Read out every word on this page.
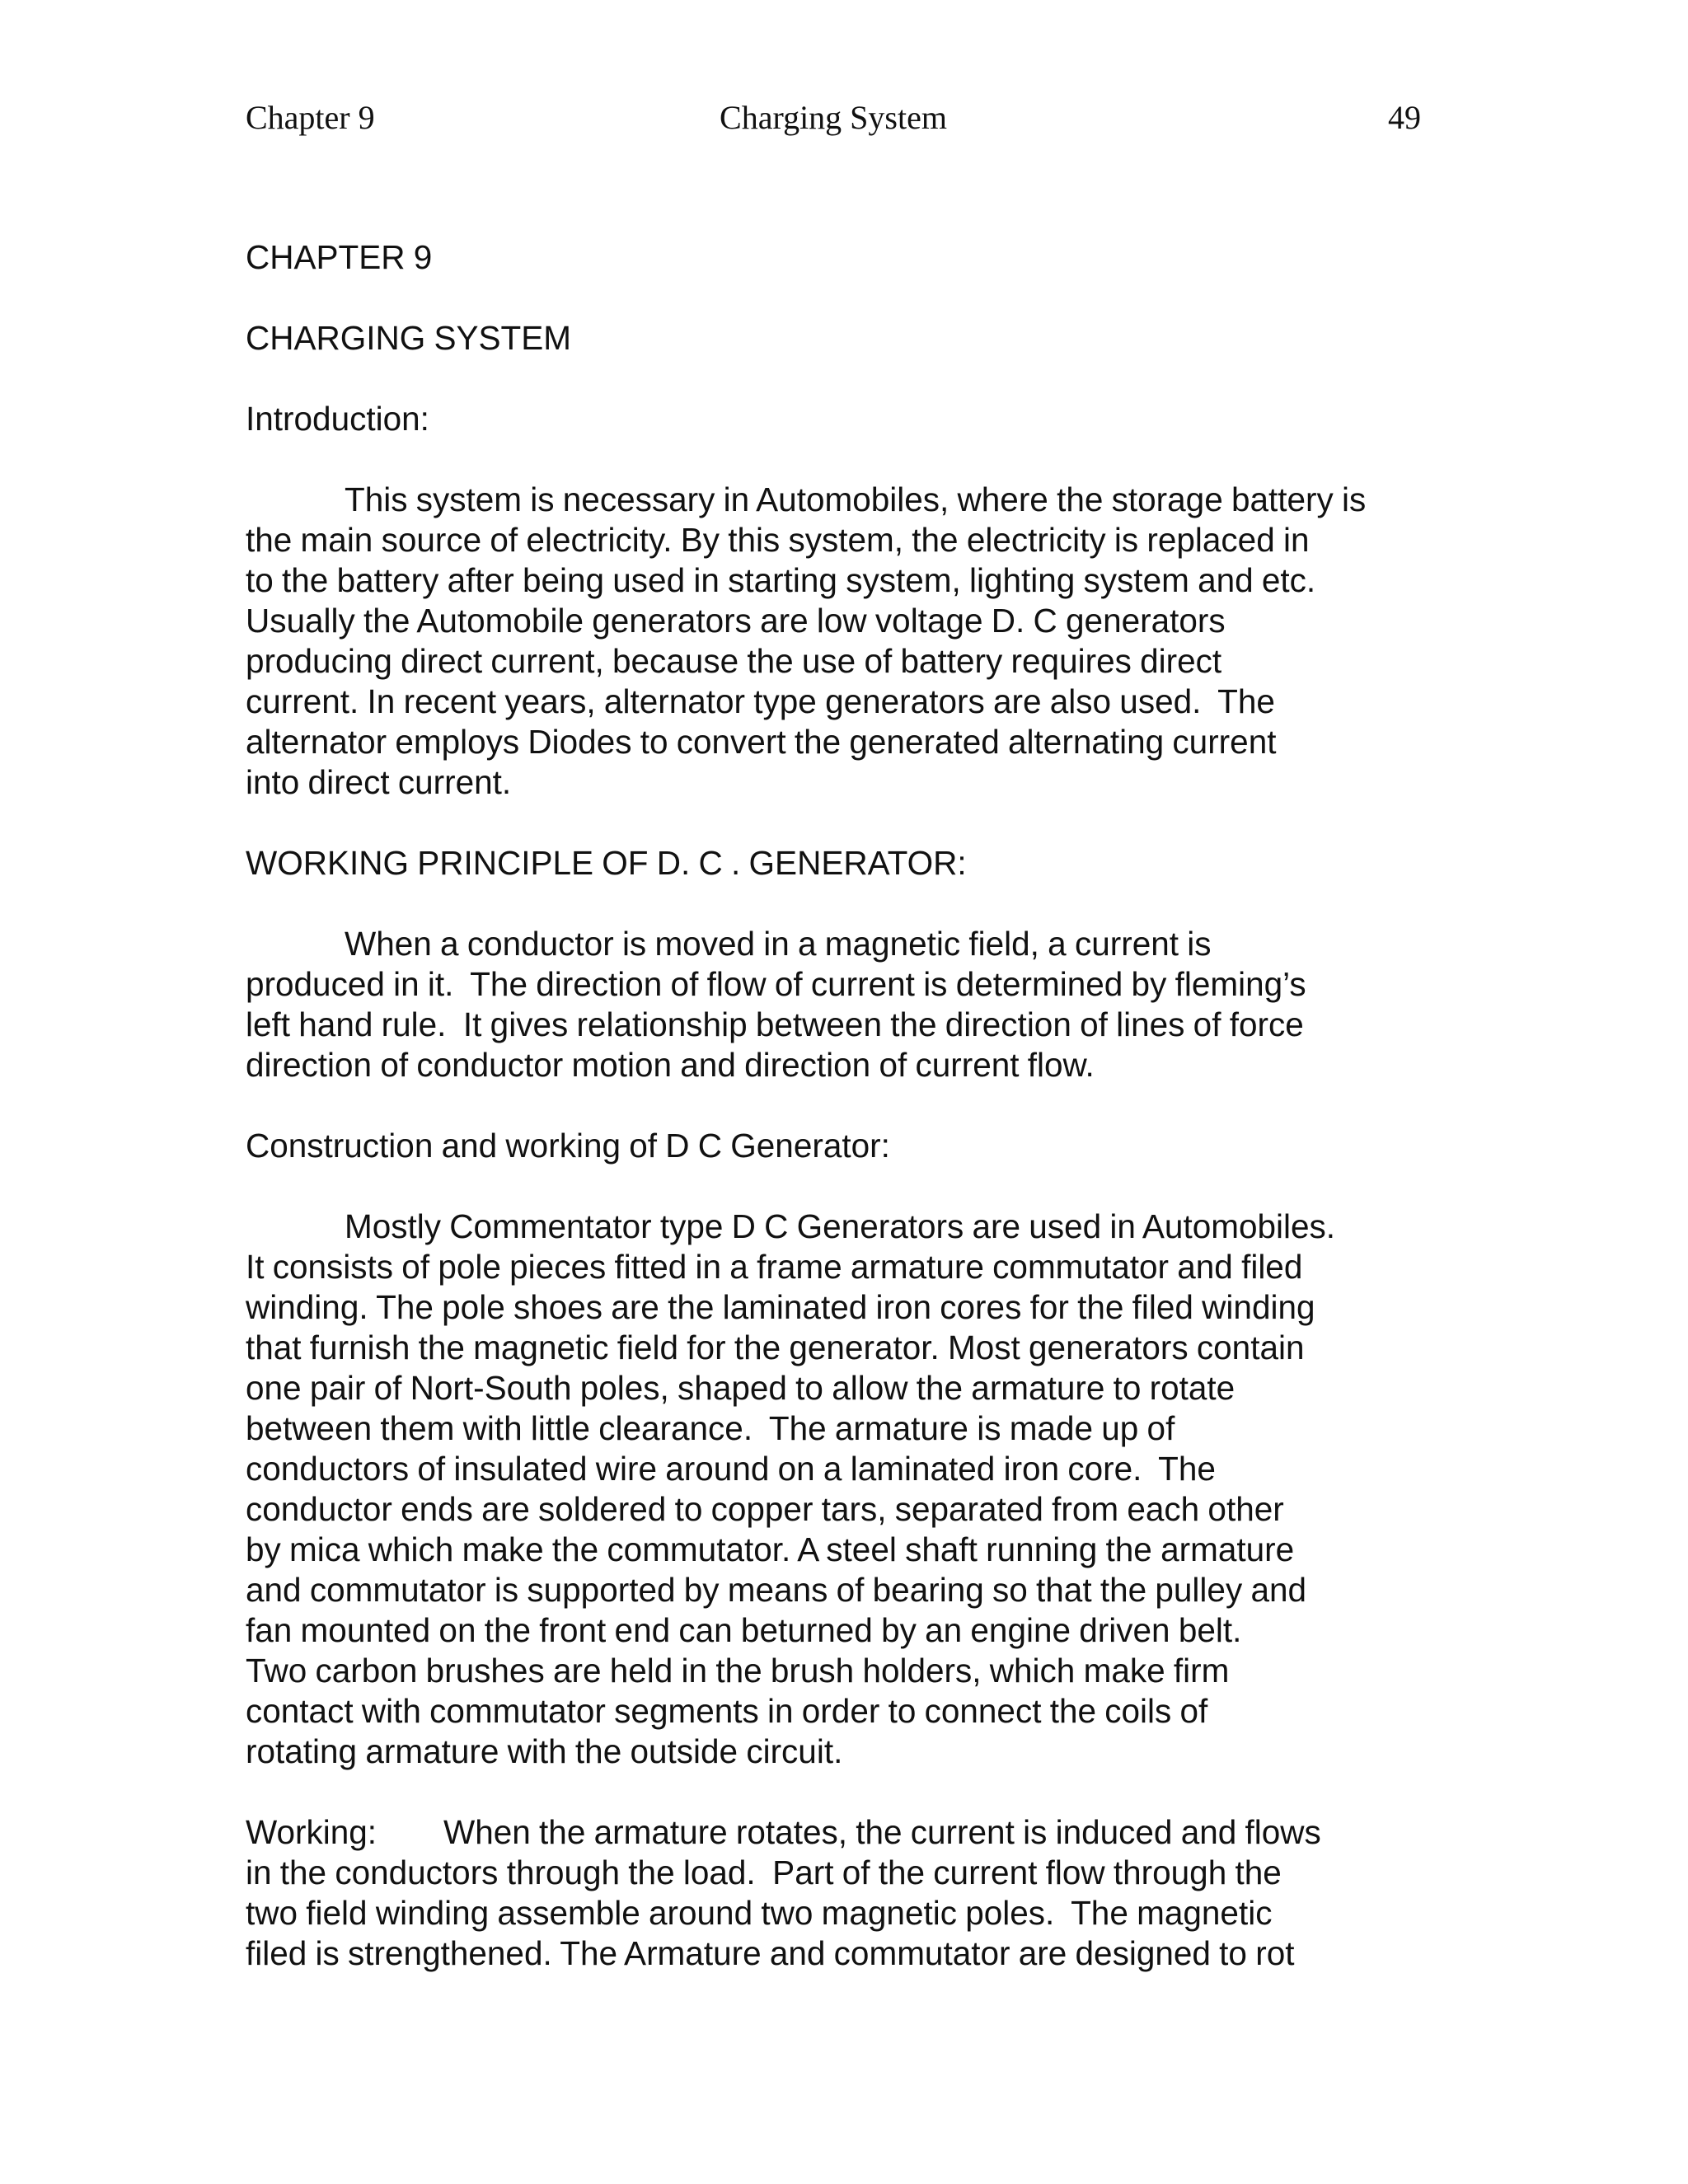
Chapter 9	Charging System	49
CHAPTER 9
CHARGING SYSTEM
Introduction:

This system is necessary in Automobiles, where the storage battery is
the main source of electricity. By this system, the electricity is replaced in
to the battery after being used in starting system, lighting system and etc.
Usually the Automobile generators are low voltage D. C generators
producing direct current, because the use of battery requires direct
current. In recent years, alternator type generators are also used.  The
alternator employs Diodes to convert the generated alternating current
into direct current.

WORKING PRINCIPLE OF D. C . GENERATOR:

When a conductor is moved in a magnetic field, a current is
produced in it.  The direction of flow of current is determined by fleming’s
left hand rule.  It gives relationship between the direction of lines of force
direction of conductor motion and direction of current flow.

Construction and working of D C Generator:

Mostly Commentator type D C Generators are used in Automobiles.
It consists of pole pieces fitted in a frame armature commutator and filed
winding. The pole shoes are the laminated iron cores for the filed winding
that furnish the magnetic field for the generator. Most generators contain
one pair of Nort-South poles, shaped to allow the armature to rotate
between them with little clearance.  The armature is made up of
conductors of insulated wire around on a laminated iron core.  The
conductor ends are soldered to copper tars, separated from each other
by mica which make the commutator. A steel shaft running the armature
and commutator is supported by means of bearing so that the pulley and
fan mounted on the front end can beturned by an engine driven belt.
Two carbon brushes are held in the brush holders, which make firm
contact with commutator segments in order to connect the coils of
rotating armature with the outside circuit.

Working: When the armature rotates, the current is induced and flows
in the conductors through the load.  Part of the current flow through the
two field winding assemble around two magnetic poles.  The magnetic
filed is strengthened. The Armature and commutator are designed to rot
